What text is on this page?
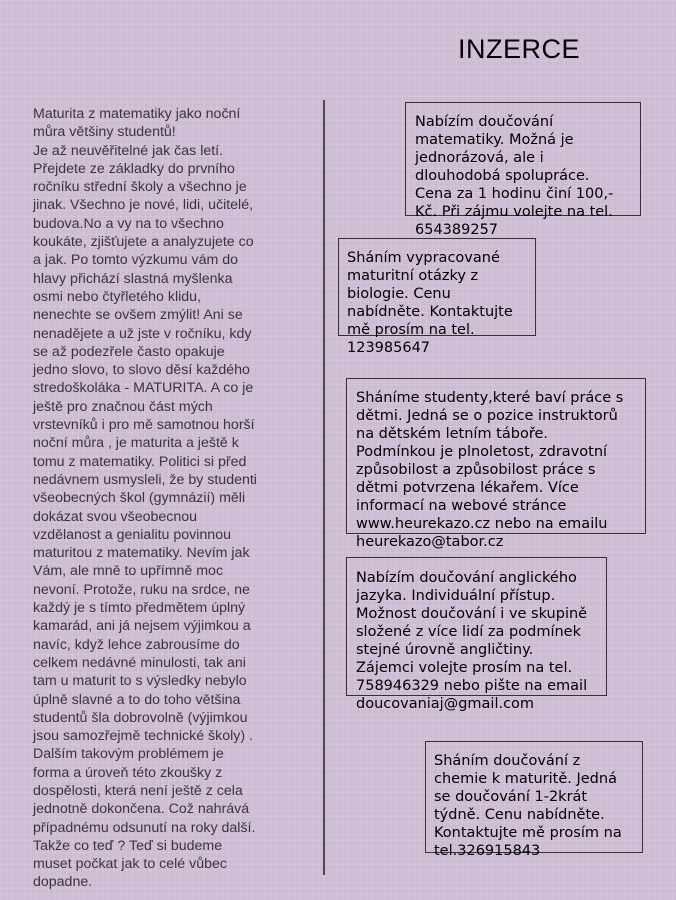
INZERCE
Maturita z matematiky jako noční
můra většiny studentů!
Je až neuvěřitelné jak čas letí.
Přejdete ze základky do prvního
ročníku střední školy a všechno je
jinak. Všechno je nové, lidi, učitelé,
budova.No a vy na to všechno
koukáte, zjišťujete a analyzujete co
a jak. Po tomto výzkumu vám do
hlavy přichází slastná myšlenka
osmi nebo čtyřletého klidu,
nenechte se ovšem zmýlit! Ani se
nenadějete a už jste v ročníku, kdy
se až podezřele často opakuje
jedno slovo, to slovo děsí každého
stredoškoláka - MATURITA. A co je
ještě pro značnou část mých
vrstevníků i pro mě samotnou horší
noční můra , je maturita a ještě k
tomu z matematiky. Politici si před
nedávnem usmysleli, že by studenti
všeobecných škol (gymnázií) měli
dokázat svou všeobecnou
vzdělanost a genialitu povinnou
maturitou z matematiky. Nevím jak
Vám, ale mně to upřímně moc
nevoní. Protože, ruku na srdce, ne
každý je s tímto předmětem úplný
kamarád, ani já nejsem výjimkou a
navíc, když lehce zabrousíme do
celkem nedávné minulosti, tak ani
tam u maturit to s výsledky nebylo
úplně slavné a to do toho většina
studentů šla dobrovolně (výjimkou
jsou samozřejmě technické školy) .
Dalším takovým problémem je
forma a úroveň této zkoušky z
dospělosti, která není ještě z cela
jednotně dokončena. Což nahrává
případnému odsunutí na roky další.
Takže co teď ? Teď si budeme
muset počkat jak to celé vůbec
dopadne.
Nabízím doučování
matematiky. Možná je
jednorázová, ale i
dlouhodobá spolupráce.
Cena za 1 hodinu činí 100,-
Kč. Při zájmu volejte na tel.
654389257
Sháním vypracované
maturitní otázky z
biologie. Cenu
nabídněte. Kontaktujte
mě prosím na tel.
123985647
Sháníme studenty,které baví práce s
dětmi. Jedná se o pozice instruktorů
na dětském letním táboře.
Podmínkou je plnoletost, zdravotní
způsobilost a způsobilost práce s
dětmi potvrzena lékařem. Více
informací na webové stránce
www.heurekazo.cz nebo na emailu
heurekazo@tabor.cz
Nabízím doučování anglického
jazyka. Individuální přístup.
Možnost doučování i ve skupině
složené z více lidí za podmínek
stejné úrovně angličtiny.
Zájemci volejte prosím na tel.
758946329 nebo pište na email
doucovaniaj@gmail.com
Sháním doučování z
chemie k maturitě. Jedná
se doučování 1-2krát
týdně. Cenu nabídněte.
Kontaktujte mě prosím na
tel.326915843
